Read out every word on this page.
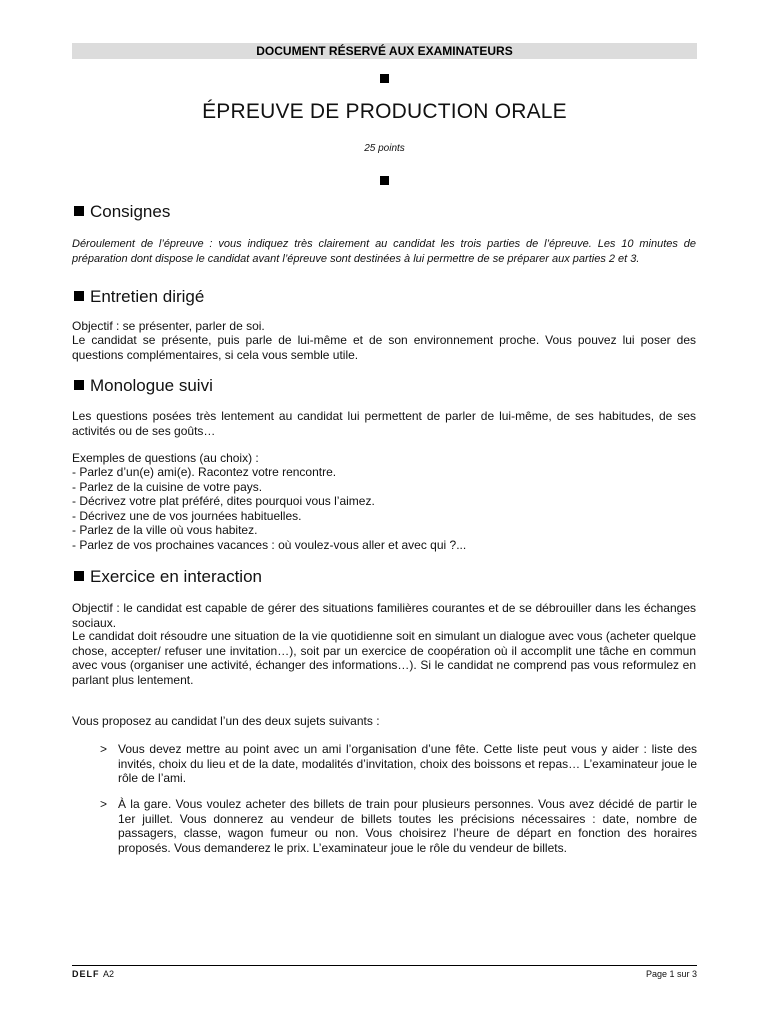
DOCUMENT RÉSERVÉ AUX EXAMINATEURS
ÉPREUVE DE PRODUCTION ORALE
25 points
Consignes

Déroulement de l’épreuve : vous indiquez très clairement au candidat les trois parties de l’épreuve. Les 10 minutes de préparation dont dispose le candidat avant l’épreuve sont destinées à lui permettre de se préparer aux parties 2 et 3.

Entretien dirigé

Objectif : se présenter, parler de soi.

Le candidat se présente, puis parle de lui-même et de son environnement proche. Vous pouvez lui poser des questions complémentaires, si cela vous semble utile.

Monologue suivi

Les questions posées très lentement au candidat lui permettent de parler de lui-même, de ses habitudes, de ses activités ou de ses goûts…

Exemples de questions (au choix) :

- Parlez d’un(e) ami(e). Racontez votre rencontre.
- Parlez de la cuisine de votre pays.
- Décrivez votre plat préféré, dites pourquoi vous l’aimez.
- Décrivez une de vos journées habituelles.
- Parlez de la ville où vous habitez.
- Parlez de vos prochaines vacances : où voulez-vous aller et avec qui ?...
Exercice en interaction

Objectif : le candidat est capable de gérer des situations familières courantes et de se débrouiller dans les échanges sociaux.

Le candidat doit résoudre une situation de la vie quotidienne soit en simulant un dialogue avec vous (acheter quelque chose, accepter/ refuser une invitation…), soit par un exercice de coopération où il accomplit une tâche en commun avec vous (organiser une activité, échanger des informations…). Si le candidat ne comprend pas vous reformulez en parlant plus lentement.

Vous proposez au candidat l’un des deux sujets suivants :

> Vous devez mettre au point avec un ami l’organisation d’une fête. Cette liste peut vous y aider : liste des invités, choix du lieu et de la date, modalités d’invitation, choix des boissons et repas… L’examinateur joue le rôle de l’ami.
> À la gare. Vous voulez acheter des billets de train pour plusieurs personnes. Vous avez décidé de partir le 1er juillet. Vous donnerez au vendeur de billets toutes les précisions nécessaires : date, nombre de passagers, classe, wagon fumeur ou non. Vous choisirez l’heure de départ en fonction des horaires proposés. Vous demanderez le prix. L’examinateur joue le rôle du vendeur de billets.
DELF A2	Page 1 sur 3
